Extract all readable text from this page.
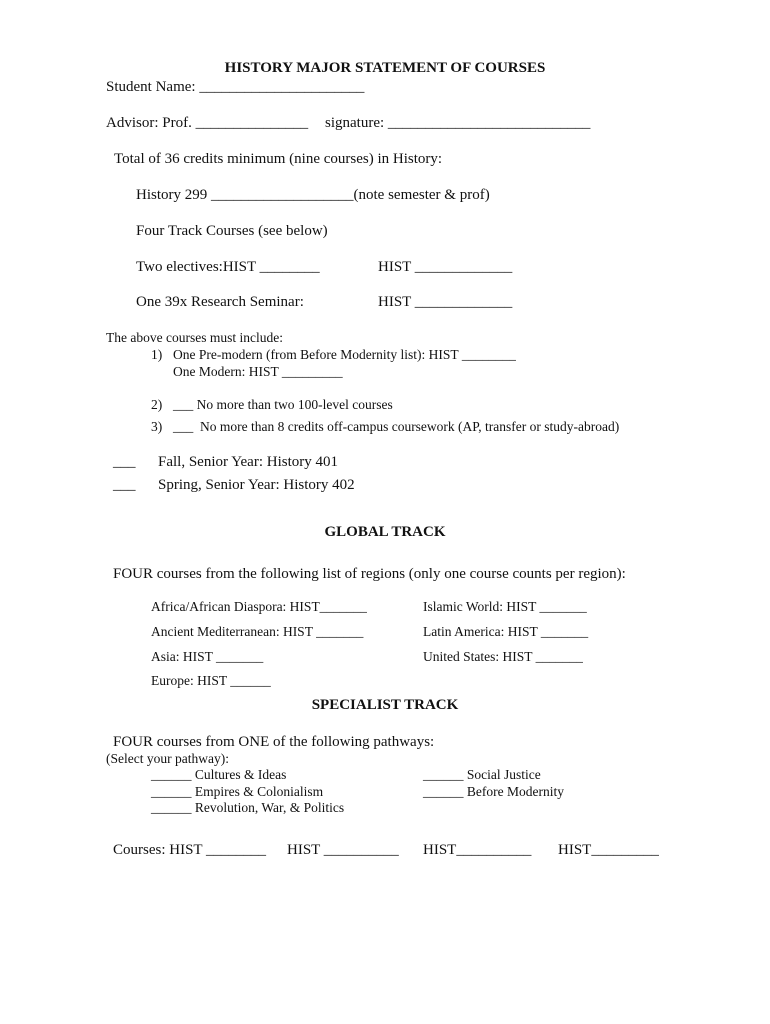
HISTORY MAJOR STATEMENT OF COURSES
Student Name: ______________________
Advisor: Prof. _______________ signature: ___________________________
Total of 36 credits minimum (nine courses) in History:
History 299 ___________________(note semester & prof)
Four Track Courses (see below)
Two electives:HIST ________	HIST _____________
One 39x Research Seminar:	HIST _____________
The above courses must include:
1) One Pre-modern (from Before Modernity list): HIST ________
One Modern: HIST _________
2) ___ No more than two 100-level courses
3) ___  No more than 8 credits off-campus coursework (AP, transfer or study-abroad)
___ Fall, Senior Year: History 401
___ Spring, Senior Year: History 402
GLOBAL TRACK
FOUR courses from the following list of regions (only one course counts per region):
Africa/African Diaspora: HIST_______	Islamic World: HIST _______
Ancient Mediterranean: HIST _______	Latin America: HIST _______
Asia: HIST _______	United States: HIST _______
Europe: HIST ______
SPECIALIST TRACK
FOUR courses from ONE of the following pathways:
(Select your pathway):
______ Cultures & Ideas	______ Social Justice
______ Empires & Colonialism	______ Before Modernity
______ Revolution, War, & Politics
Courses: HIST ________ HIST __________ HIST__________ HIST_________
